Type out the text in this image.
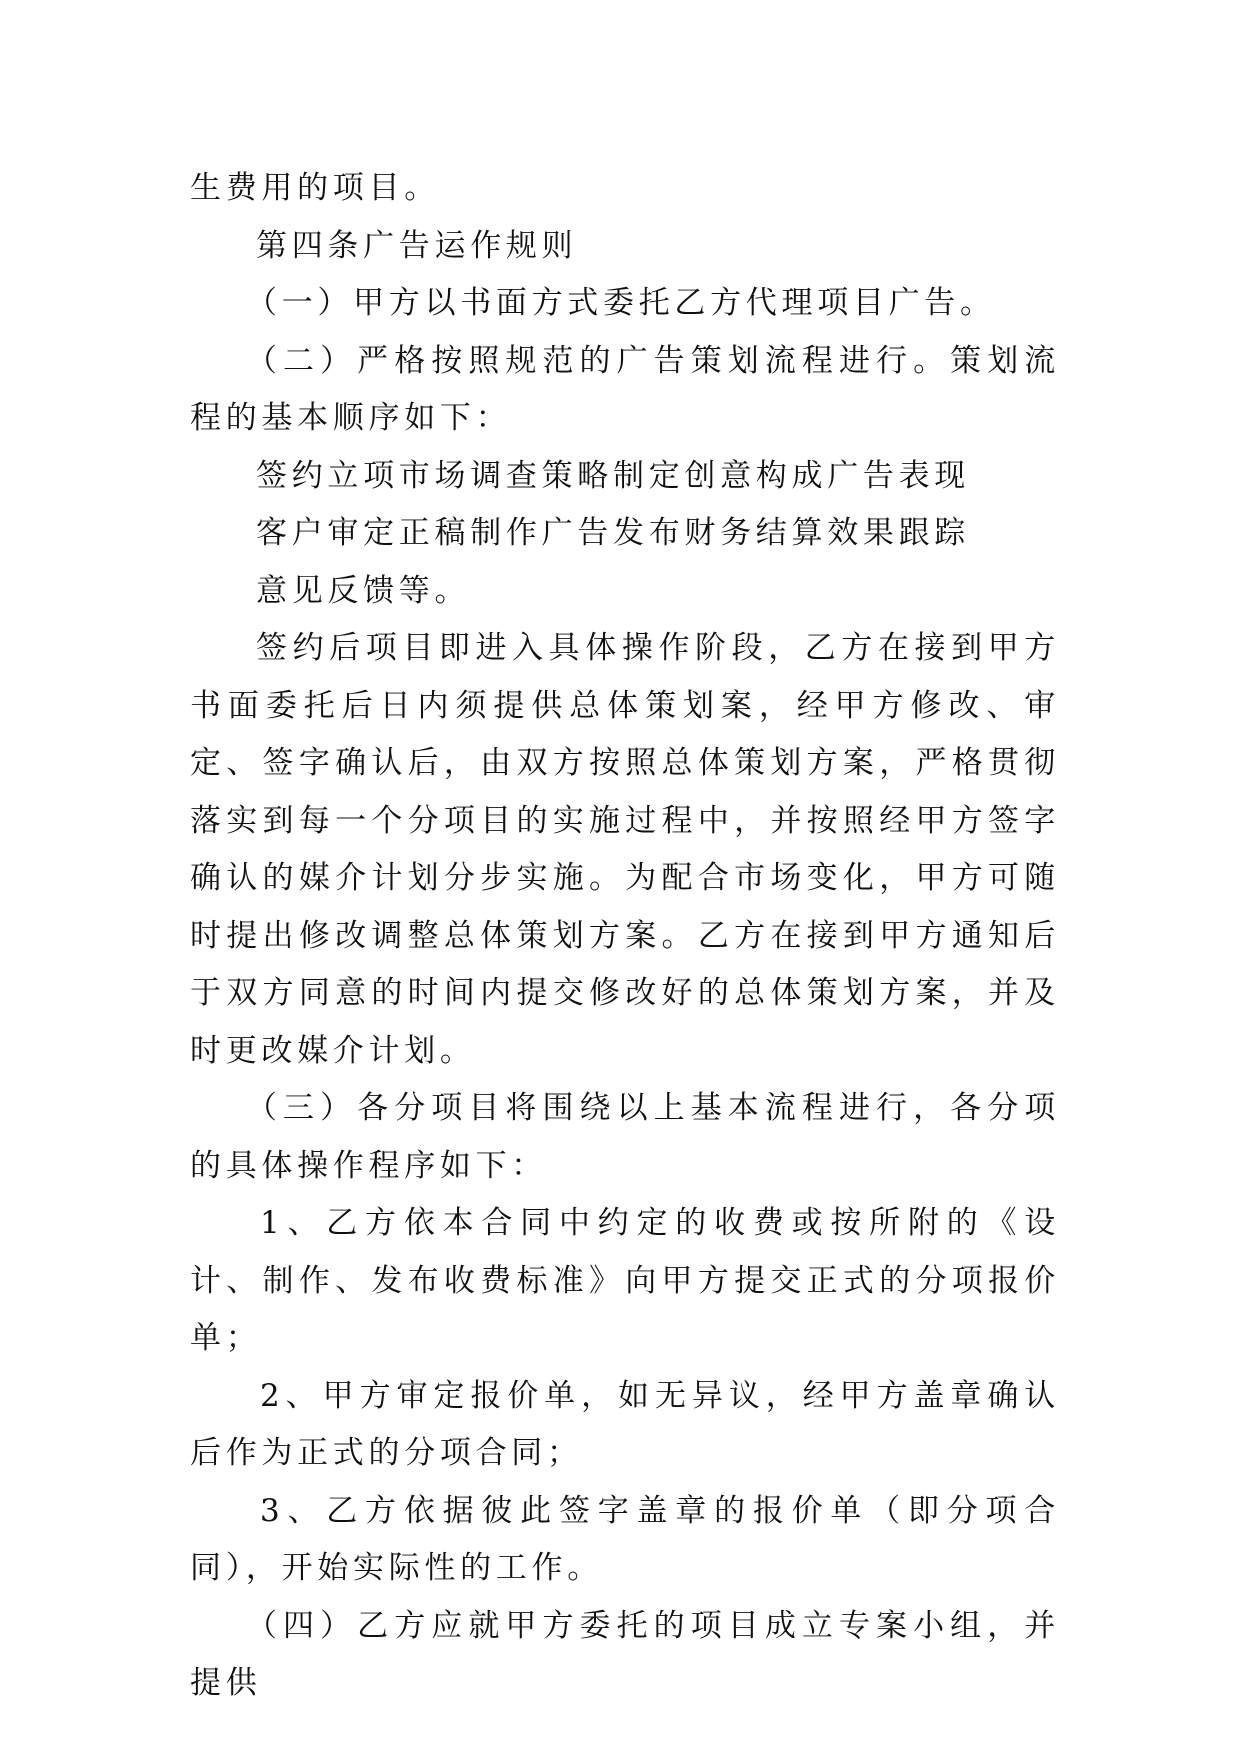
生费用的项目。

第四条广告运作规则

（一）甲方以书面方式委托乙方代理项目广告。

（二）严格按照规范的广告策划流程进行。策划流程的基本顺序如下：

签约立项市场调查策略制定创意构成广告表现

客户审定正稿制作广告发布财务结算效果跟踪

意见反馈等。

签约后项目即进入具体操作阶段，乙方在接到甲方书面委托后日内须提供总体策划案，经甲方修改、审定、签字确认后，由双方按照总体策划方案，严格贯彻落实到每一个分项目的实施过程中，并按照经甲方签字确认的媒介计划分步实施。为配合市场变化，甲方可随时提出修改调整总体策划方案。乙方在接到甲方通知后于双方同意的时间内提交修改好的总体策划方案，并及时更改媒介计划。

（三）各分项目将围绕以上基本流程进行，各分项的具体操作程序如下：

1、乙方依本合同中约定的收费或按所附的《设计、制作、发布收费标准》向甲方提交正式的分项报价单；

2、甲方审定报价单，如无异议，经甲方盖章确认后作为正式的分项合同；

3、乙方依据彼此签字盖章的报价单（即分项合同），开始实际性的工作。

（四）乙方应就甲方委托的项目成立专案小组，并提供
